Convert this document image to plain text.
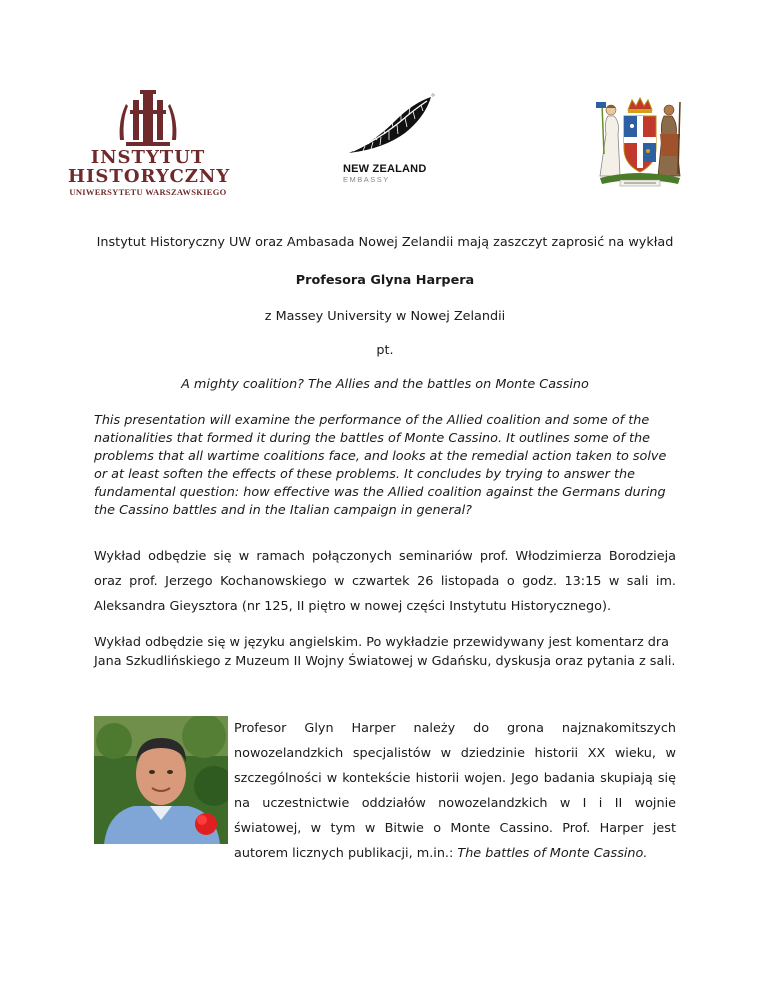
INSTYTUT
HISTORYCZNY
UNIWERSYTETU WARSZAWSKIEGO
NEW ZEALAND
EMBASSY

Instytut Historyczny UW oraz Ambasada Nowej Zelandii mają zaszczyt zaprosić na wykład

Profesora Glyna Harpera

z Massey University w Nowej Zelandii

pt.

A mighty coalition? The Allies and the battles on Monte Cassino

This presentation will examine the performance of the Allied coalition and some of the nationalities that formed it during the battles of Monte Cassino. It outlines some of the problems that all wartime coalitions face, and looks at the remedial action taken to solve or at least soften the effects of these problems. It concludes by trying to answer the fundamental question: how effective was the Allied coalition against the Germans during the Cassino battles and in the Italian campaign in general?

Wykład odbędzie się w ramach połączonych seminariów prof. Włodzimierza Borodzieja oraz prof. Jerzego Kochanowskiego w czwartek 26 listopada o godz. 13:15 w sali im. Aleksandra Gieysztora (nr 125, II piętro w nowej części Instytutu Historycznego).

Wykład odbędzie się w języku angielskim. Po wykładzie przewidywany jest komentarz dra Jana Szkudlińskiego z Muzeum II Wojny Światowej w Gdańsku, dyskusja oraz pytania z sali.

Profesor Glyn Harper należy do grona najznakomitszych nowozelandzkich specjalistów w dziedzinie historii XX wieku, w szczególności w kontekście historii wojen. Jego badania skupiają się na uczestnictwie oddziałów nowozelandzkich w I i II wojnie światowej, w tym w Bitwie o Monte Cassino. Prof. Harper jest autorem licznych publikacji, m.in.: The battles of Monte Cassino.
